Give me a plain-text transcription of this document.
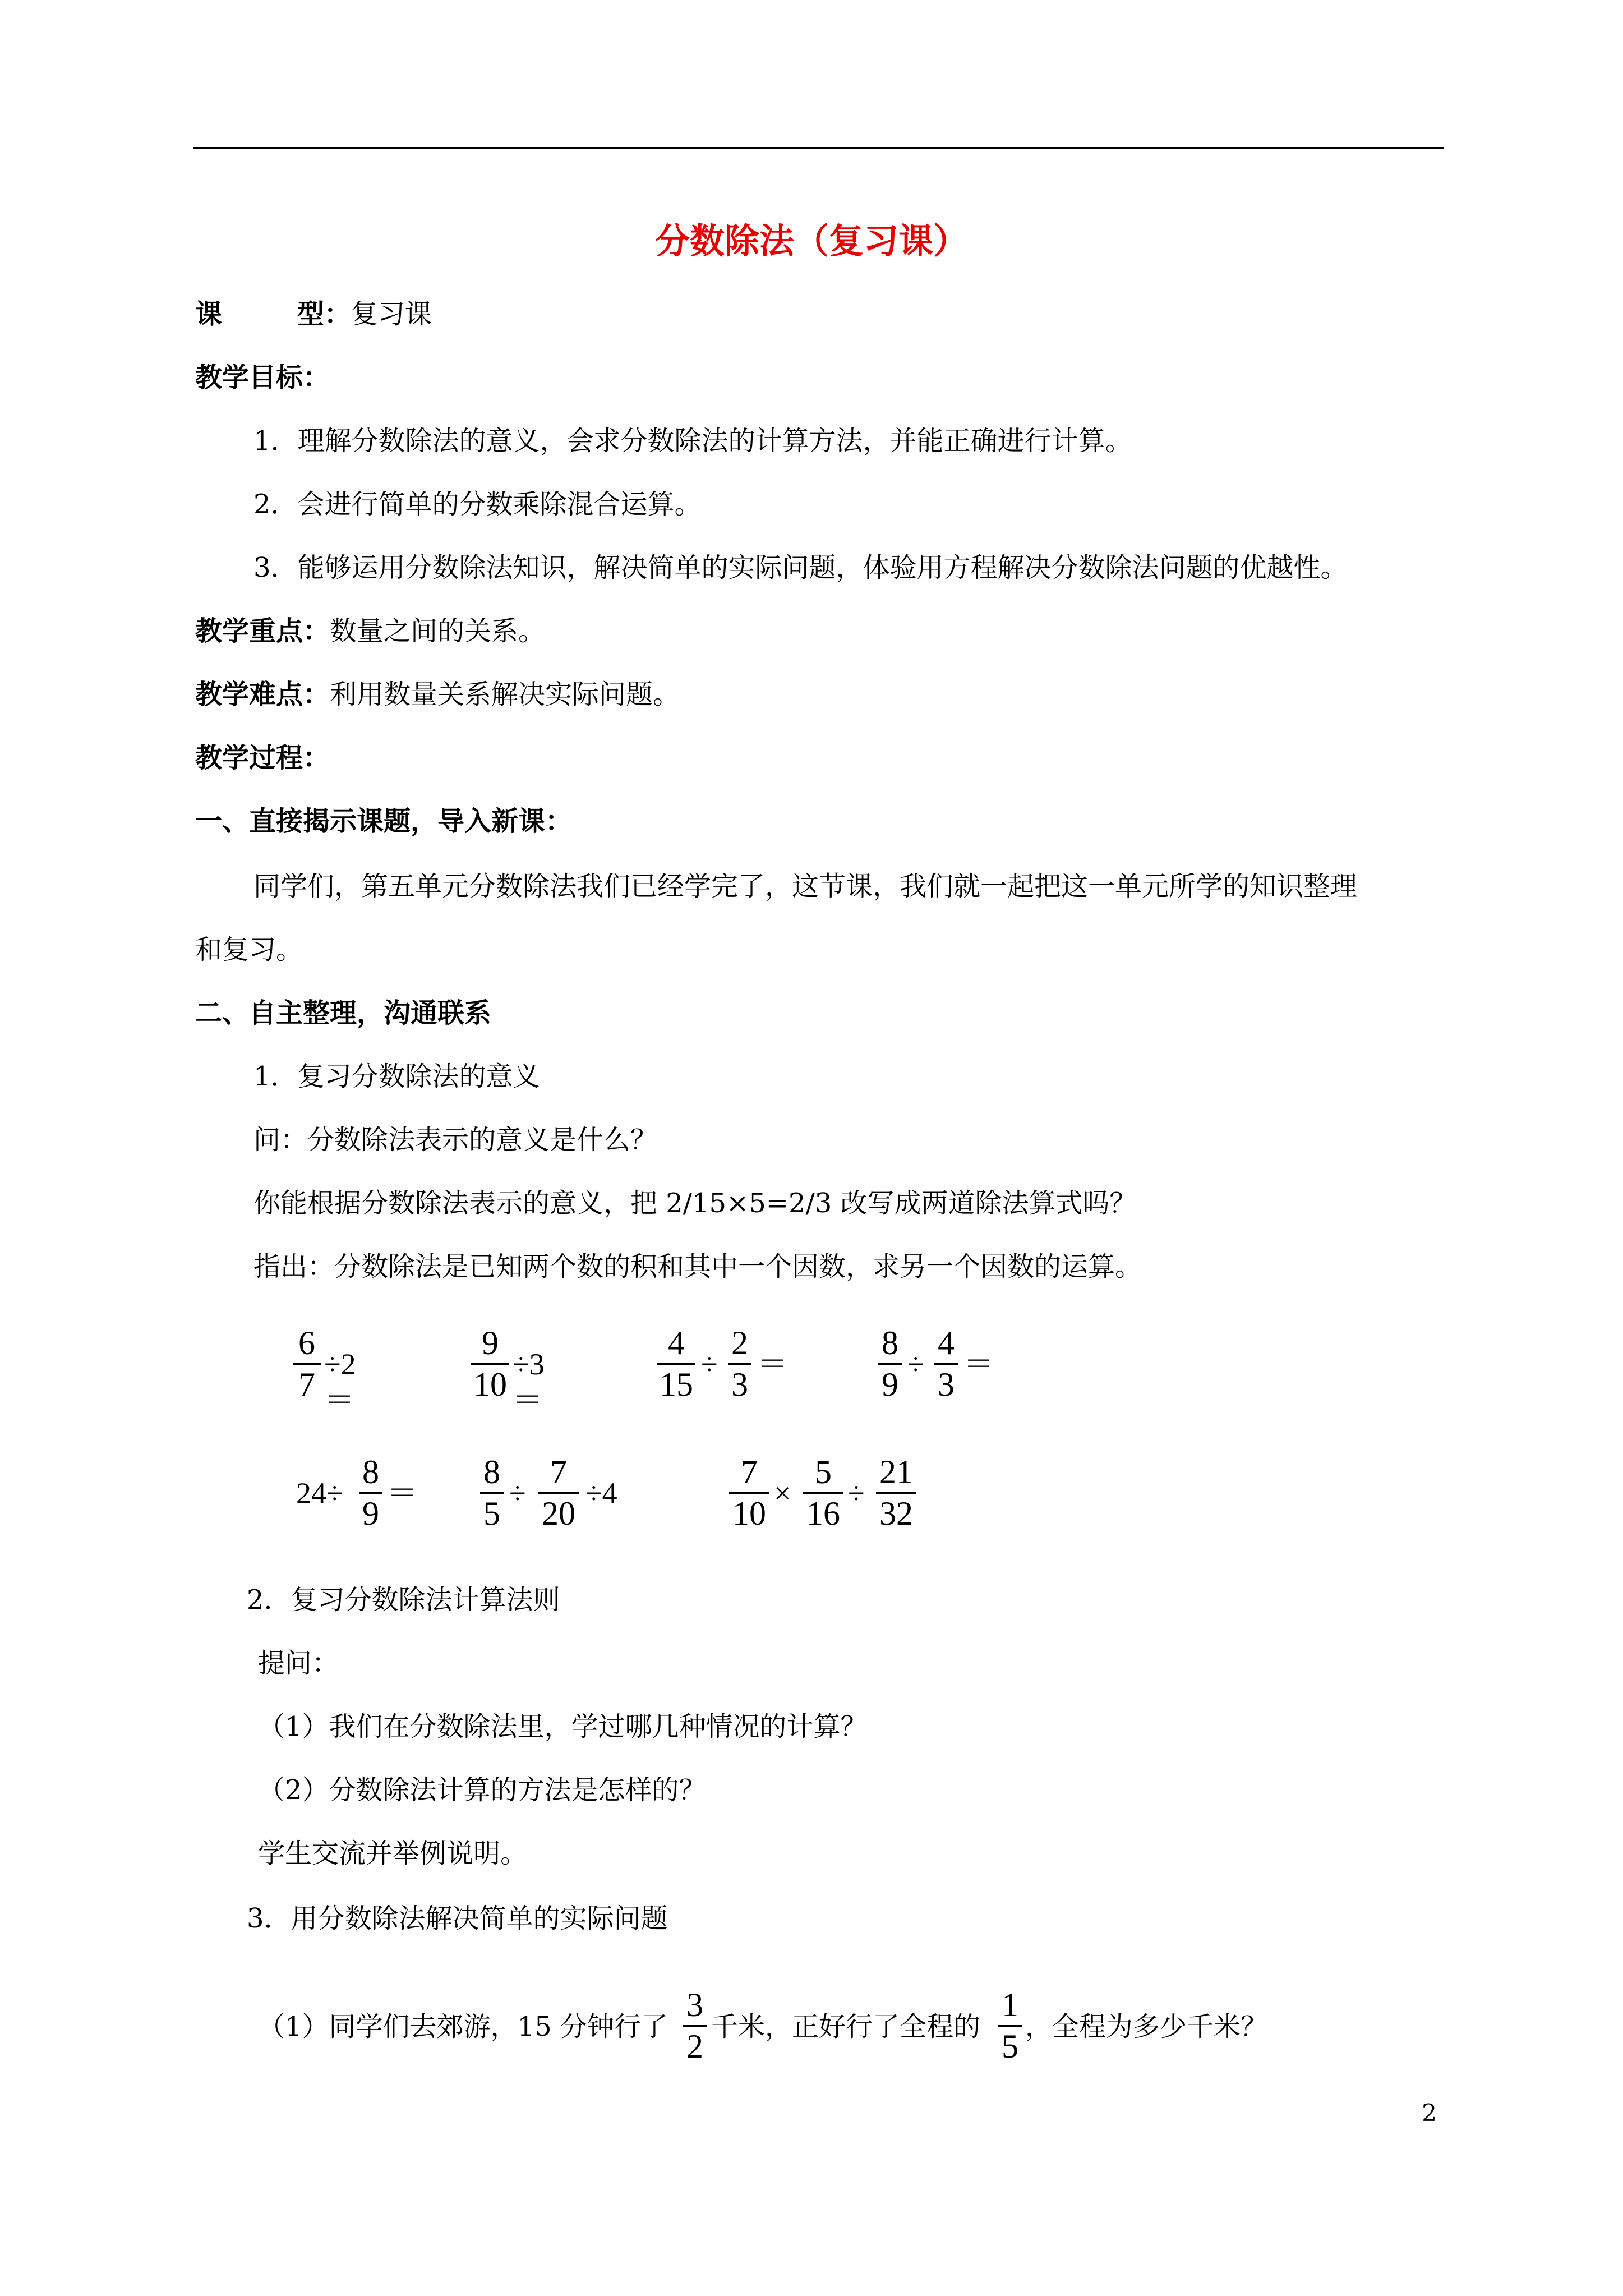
分数除法（复习课）
课        型：复习课
教学目标：
1．理解分数除法的意义，会求分数除法的计算方法，并能正确进行计算。
2．会进行简单的分数乘除混合运算。
3．能够运用分数除法知识，解决简单的实际问题，体验用方程解决分数除法问题的优越性。
教学重点：数量之间的关系。
教学难点：利用数量关系解决实际问题。
教学过程：
一、直接揭示课题，导入新课：
同学们，第五单元分数除法我们已经学完了，这节课，我们就一起把这一单元所学的知识整理
和复习。
二、自主整理，沟通联系
1．复习分数除法的意义
问：分数除法表示的意义是什么？
你能根据分数除法表示的意义，把 2/15×5=2/3 改写成两道除法算式吗？
指出：分数除法是已知两个数的积和其中一个因数，求另一个因数的运算。
6
7
÷2＝
9
10
÷3＝
4
15
÷
2
3
＝
8
9
÷
4
3
＝
24÷
8
9
＝
8
5
÷
7
20
÷4
7
10
×
5
16
÷
21
32
2．复习分数除法计算法则
提问：
（1）我们在分数除法里，学过哪几种情况的计算？
（2）分数除法计算的方法是怎样的？
学生交流并举例说明。
3．用分数除法解决简单的实际问题
（1）同学们去郊游，15 分钟行了
3
2
千米，正好行了全程的
1
5
，全程为多少千米？
2
